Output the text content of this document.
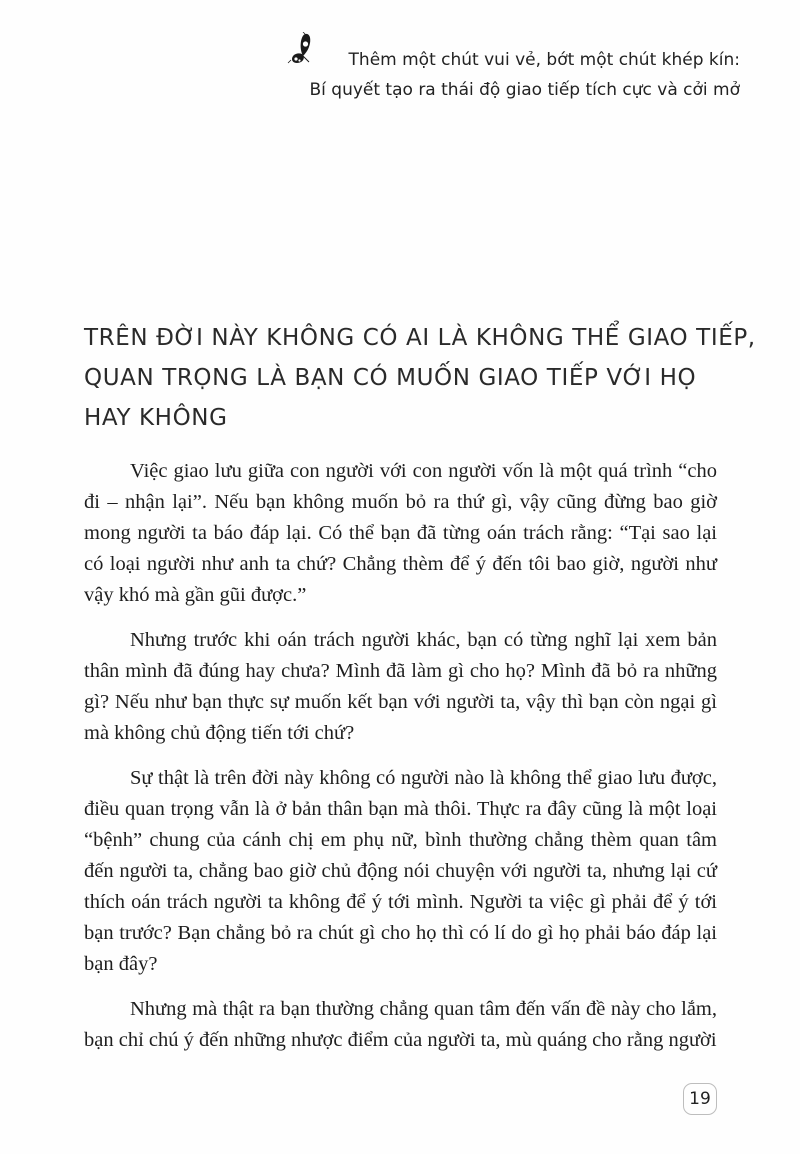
Thêm một chút vui vẻ, bớt một chút khép kín:
Bí quyết tạo ra thái độ giao tiếp tích cực và cởi mở
TRÊN ĐỜI NÀY KHÔNG CÓ AI LÀ KHÔNG THỂ GIAO TIẾP,
QUAN TRỌNG LÀ BẠN CÓ MUỐN GIAO TIẾP VỚI HỌ
HAY KHÔNG

Việc giao lưu giữa con người với con người vốn là một quá trình “cho đi – nhận lại”. Nếu bạn không muốn bỏ ra thứ gì, vậy cũng đừng bao giờ mong người ta báo đáp lại. Có thể bạn đã từng oán trách rằng: “Tại sao lại có loại người như anh ta chứ? Chẳng thèm để ý đến tôi bao giờ, người như vậy khó mà gần gũi được.”

Nhưng trước khi oán trách người khác, bạn có từng nghĩ lại xem bản thân mình đã đúng hay chưa? Mình đã làm gì cho họ? Mình đã bỏ ra những gì? Nếu như bạn thực sự muốn kết bạn với người ta, vậy thì bạn còn ngại gì mà không chủ động tiến tới chứ?

Sự thật là trên đời này không có người nào là không thể giao lưu được, điều quan trọng vẫn là ở bản thân bạn mà thôi. Thực ra đây cũng là một loại “bệnh” chung của cánh chị em phụ nữ, bình thường chẳng thèm quan tâm đến người ta, chẳng bao giờ chủ động nói chuyện với người ta, nhưng lại cứ thích oán trách người ta không để ý tới mình. Người ta việc gì phải để ý tới bạn trước? Bạn chẳng bỏ ra chút gì cho họ thì có lí do gì họ phải báo đáp lại bạn đây?

Nhưng mà thật ra bạn thường chẳng quan tâm đến vấn đề này cho lắm, bạn chỉ chú ý đến những nhược điểm của người ta, mù quáng cho rằng người

19
